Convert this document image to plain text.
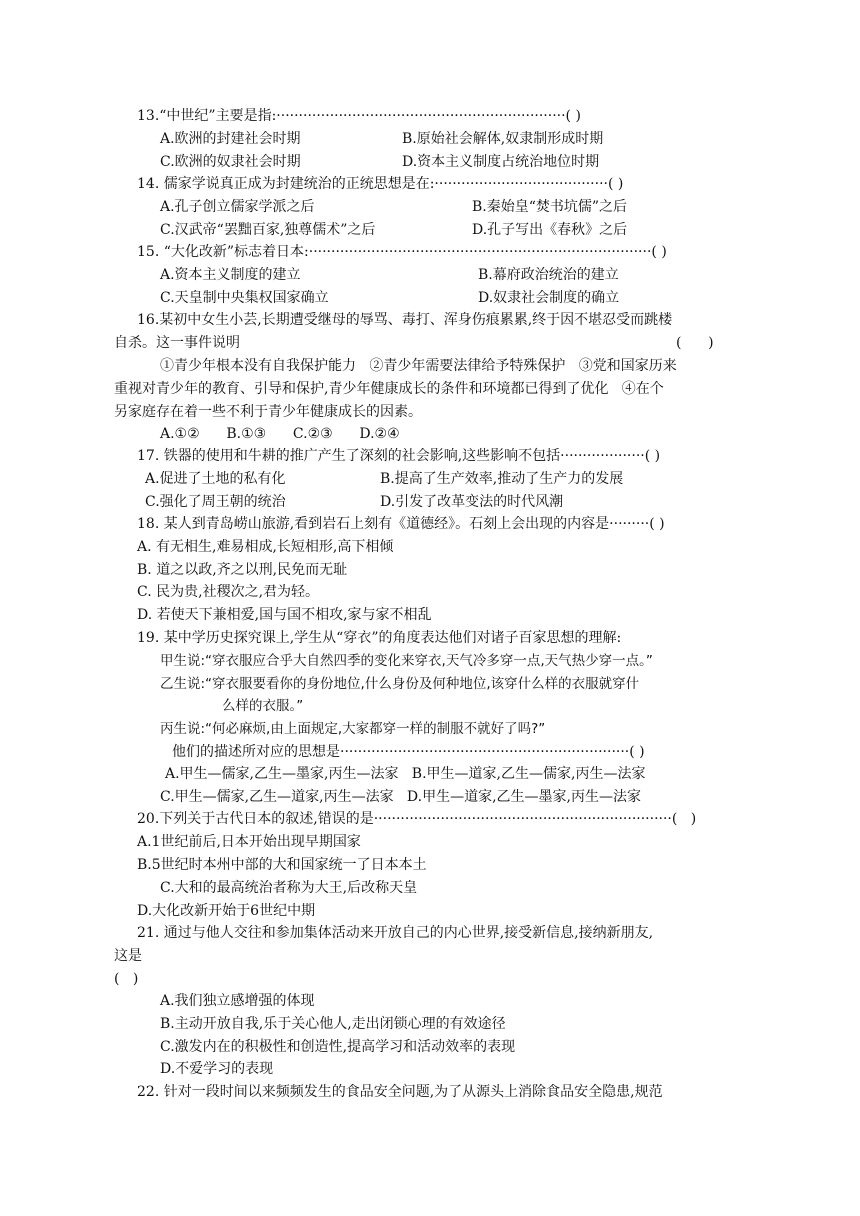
13.“中世纪”主要是指:·································································( )
A.欧洲的封建社会时期	B.原始社会解体,奴隶制形成时期
C.欧洲的奴隶社会时期	D.资本主义制度占统治地位时期
14. 儒家学说真正成为封建统治的正统思想是在:·······································( )
A.孔子创立儒家学派之后	B.秦始皇“焚书坑儒”之后
C.汉武帝“罢黜百家,独尊儒术”之后	D.孔子写出《春秋》之后
15. “大化改新”标志着日本:·············································································( )
A.资本主义制度的建立	B.幕府政治统治的建立
C.天皇制中央集权国家确立	D.奴隶社会制度的确立
16.某初中女生小芸,长期遭受继母的辱骂、毒打、浑身伤痕累累,终于因不堪忍受而跳楼
自杀。这一事件说明	(      )
①青少年根本没有自我保护能力   ②青少年需要法律给予特殊保护   ③党和国家历来
重视对青少年的教育、引导和保护,青少年健康成长的条件和环境都已得到了优化   ④在个
另家庭存在着一些不利于青少年健康成长的因素。
A.①②      B.①③      C.②③      D.②④
17. 铁器的使用和牛耕的推广产生了深刻的社会影响,这些影响不包括···················( )
A.促进了土地的私有化	B.提高了生产效率,推动了生产力的发展
C.强化了周王朝的统治	D.引发了改革变法的时代风潮
18. 某人到青岛崂山旅游,看到岩石上刻有《道德经》。石刻上会出现的内容是·········( )
A. 有无相生,难易相成,长短相形,高下相倾
B. 道之以政,齐之以刑,民免而无耻
C. 民为贵,社稷次之,君为轻。
D. 若使天下兼相爱,国与国不相攻,家与家不相乱
19. 某中学历史探究课上,学生从“穿衣”的角度表达他们对诸子百家思想的理解:
甲生说:“穿衣服应合乎大自然四季的变化来穿衣,天气冷多穿一点,天气热少穿一点。”
乙生说:“穿衣服要看你的身份地位,什么身份及何种地位,该穿什么样的衣服就穿什
么样的衣服。”
丙生说:“何必麻烦,由上面规定,大家都穿一样的制服不就好了吗?”
他们的描述所对应的思想是·································································( )
A.甲生—儒家,乙生—墨家,丙生—法家   B.甲生—道家,乙生—儒家,丙生—法家
C.甲生—儒家,乙生—道家,丙生—法家   D.甲生—道家,乙生—墨家,丙生—法家
20.下列关于古代日本的叙述,错误的是···································································(   )
A.1世纪前后,日本开始出现早期国家
B.5世纪时本州中部的大和国家统一了日本本土
C.大和的最高统治者称为大王,后改称天皇
D.大化改新开始于6世纪中期
21. 通过与他人交往和参加集体活动来开放自己的内心世界,接受新信息,接纳新朋友,
这是
(   )
A.我们独立感增强的体现
B.主动开放自我,乐于关心他人,走出闭锁心理的有效途径
C.激发内在的积极性和创造性,提高学习和活动效率的表现
D.不爱学习的表现
22. 针对一段时间以来频频发生的食品安全问题,为了从源头上消除食品安全隐患,规范
